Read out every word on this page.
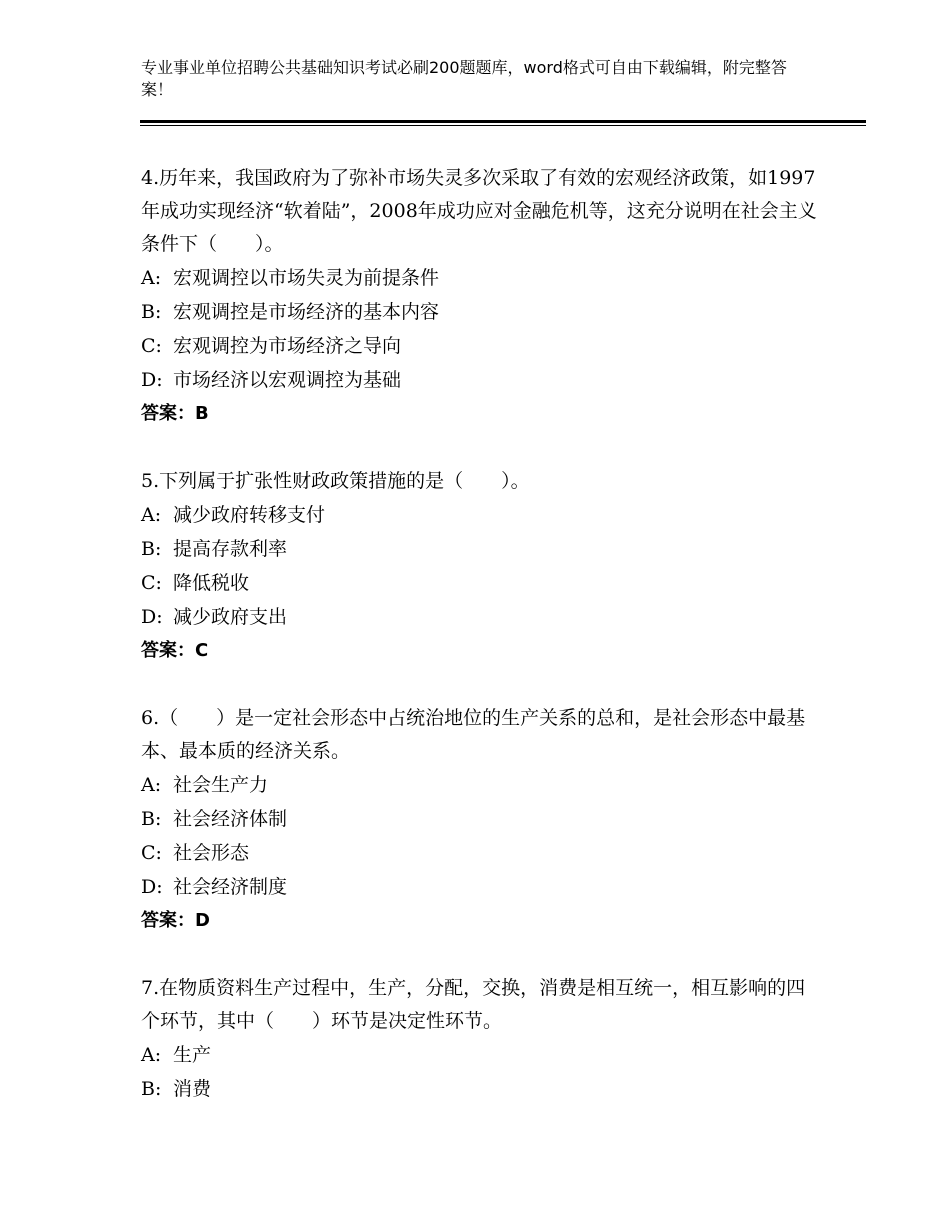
专业事业单位招聘公共基础知识考试必刷200题题库，word格式可自由下载编辑，附完整答案！

4.历年来，我国政府为了弥补市场失灵多次采取了有效的宏观经济政策，如1997年成功实现经济“软着陆”，2008年成功应对金融危机等，这充分说明在社会主义条件下（　　）。

A: 宏观调控以市场失灵为前提条件

B: 宏观调控是市场经济的基本内容

C: 宏观调控为市场经济之导向

D: 市场经济以宏观调控为基础

答案：B

5.下列属于扩张性财政政策措施的是（　　）。

A: 减少政府转移支付

B: 提高存款利率

C: 降低税收

D: 减少政府支出

答案：C

6.（　　）是一定社会形态中占统治地位的生产关系的总和，是社会形态中最基本、最本质的经济关系。

A: 社会生产力

B: 社会经济体制

C: 社会形态

D: 社会经济制度

答案：D

7.在物质资料生产过程中，生产，分配，交换，消费是相互统一，相互影响的四个环节，其中（　　）环节是决定性环节。

A: 生产

B: 消费
